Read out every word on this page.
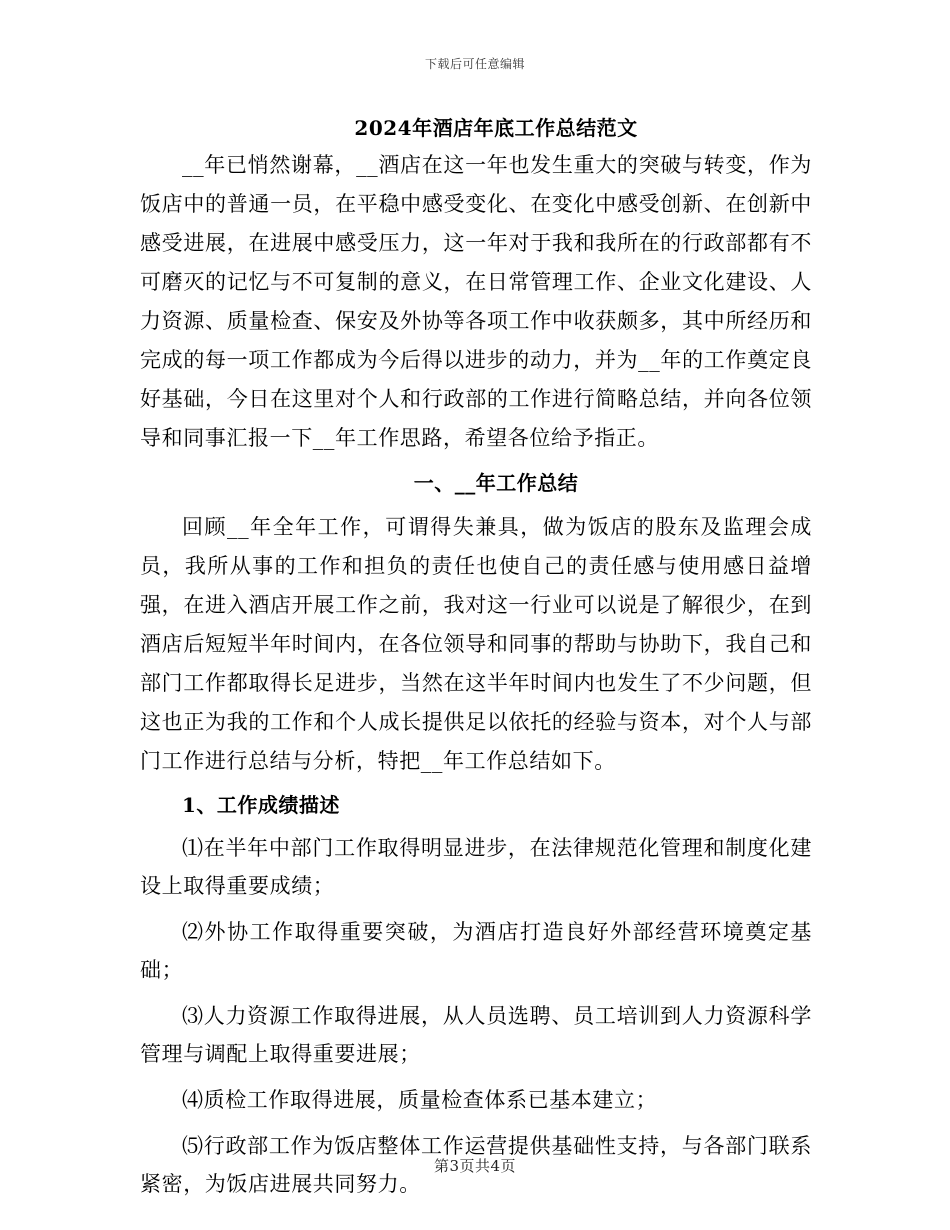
下载后可任意编辑
2024年酒店年底工作总结范文

__年已悄然谢幕，__酒店在这一年也发生重大的突破与转变，作为饭店中的普通一员，在平稳中感受变化、在变化中感受创新、在创新中感受进展，在进展中感受压力，这一年对于我和我所在的行政部都有不可磨灭的记忆与不可复制的意义，在日常管理工作、企业文化建设、人力资源、质量检查、保安及外协等各项工作中收获颇多，其中所经历和完成的每一项工作都成为今后得以进步的动力，并为__年的工作奠定良好基础，今日在这里对个人和行政部的工作进行简略总结，并向各位领导和同事汇报一下__年工作思路，希望各位给予指正。

一、__年工作总结

回顾__年全年工作，可谓得失兼具，做为饭店的股东及监理会成员，我所从事的工作和担负的责任也使自己的责任感与使用感日益增强，在进入酒店开展工作之前，我对这一行业可以说是了解很少，在到酒店后短短半年时间内，在各位领导和同事的帮助与协助下，我自己和部门工作都取得长足进步，当然在这半年时间内也发生了不少问题，但这也正为我的工作和个人成长提供足以依托的经验与资本，对个人与部门工作进行总结与分析，特把__年工作总结如下。

1、工作成绩描述

⑴在半年中部门工作取得明显进步，在法律规范化管理和制度化建设上取得重要成绩；

⑵外协工作取得重要突破，为酒店打造良好外部经营环境奠定基础；

⑶人力资源工作取得进展，从人员选聘、员工培训到人力资源科学管理与调配上取得重要进展；

⑷质检工作取得进展，质量检查体系已基本建立；

⑸行政部工作为饭店整体工作运营提供基础性支持，与各部门联系紧密，为饭店进展共同努力。

第3页共4页
